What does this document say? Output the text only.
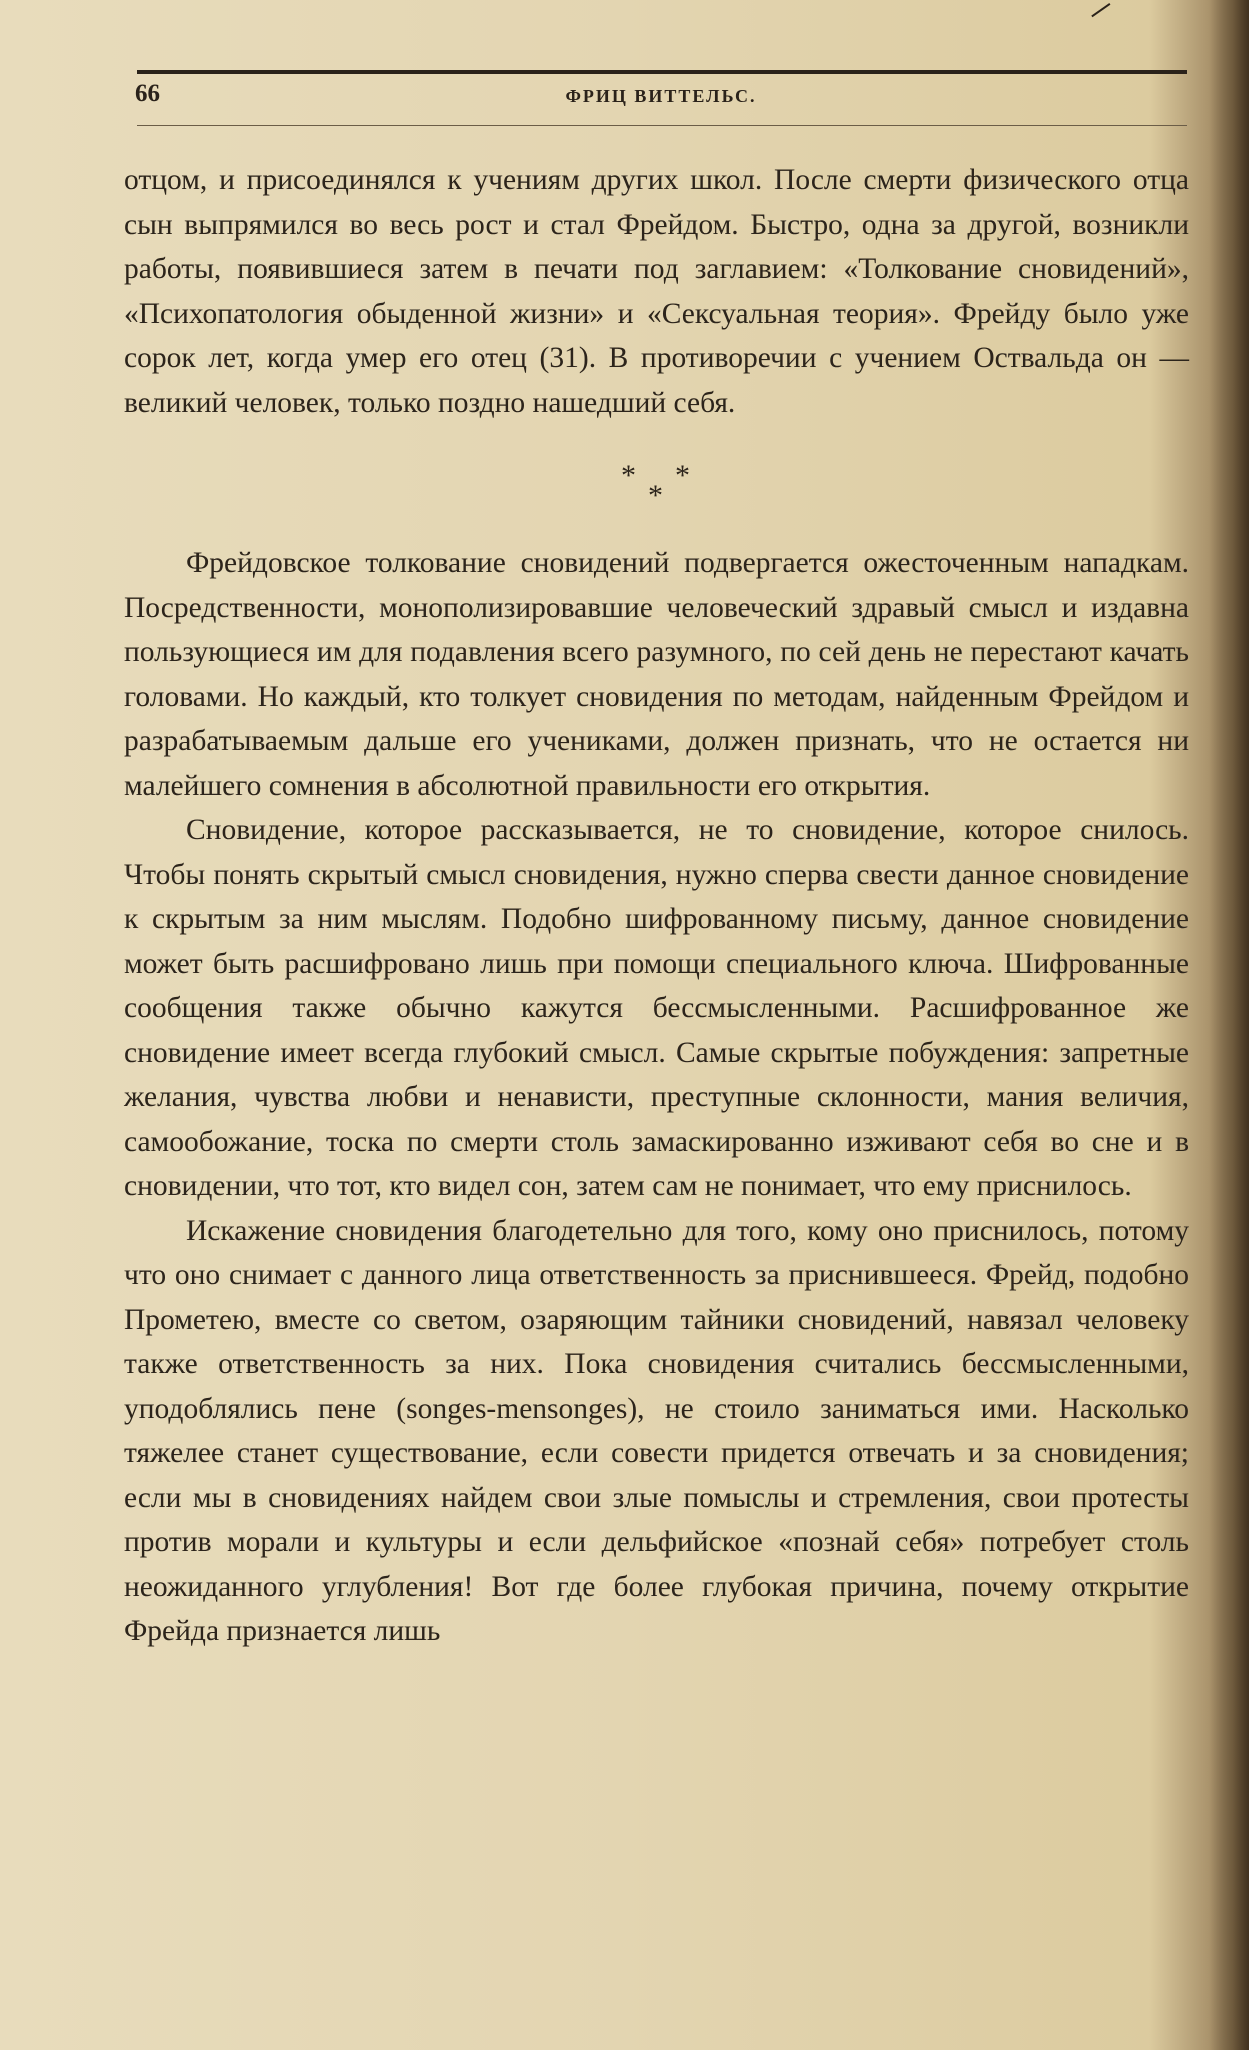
66	ФРИЦ ВИТТЕЛЬС.

отцом, и присоединялся к учениям других школ. После смерти физического отца сын выпрямился во весь рост и стал Фрейдом. Быстро, одна за другой, возникли работы, появившиеся затем в печати под заглавием: «Толкование сновидений», «Психопатология обыденной жизни» и «Сексуальная теория». Фрейду было уже сорок лет, когда умер его отец (31). В противоречии с учением Оствальда он — великий человек, только поздно нашедший себя.

* *
*

Фрейдовское толкование сновидений подвергается ожесточенным нападкам. Посредственности, монополизировавшие человеческий здравый смысл и издавна пользующиеся им для подавления всего разумного, по сей день не перестают качать головами. Но каждый, кто толкует сновидения по методам, найденным Фрейдом и разрабатываемым дальше его учениками, должен признать, что не остается ни малейшего сомнения в абсолютной правильности его открытия.

Сновидение, которое рассказывается, не то сновидение, которое снилось. Чтобы понять скрытый смысл сновидения, нужно сперва свести данное сновидение к скрытым за ним мыслям. Подобно шифрованному письму, данное сновидение может быть расшифровано лишь при помощи специального ключа. Шифрованные сообщения также обычно кажутся бессмысленными. Расшифрованное же сновидение имеет всегда глубокий смысл. Самые скрытые побуждения: запретные желания, чувства любви и ненависти, преступные склонности, мания величия, самообожание, тоска по смерти столь замаскированно изживают себя во сне и в сновидении, что тот, кто видел сон, затем сам не понимает, что ему приснилось.

Искажение сновидения благодетельно для того, кому оно приснилось, потому что оно снимает с данного лица ответственность за приснившееся. Фрейд, подобно Прометею, вместе со светом, озаряющим тайники сновидений, навязал человеку также ответственность за них. Пока сновидения считались бессмысленными, уподоблялись пене (songes-mensonges), не стоило заниматься ими. Насколько тяжелее станет существование, если совести придется отвечать и за сновидения; если мы в сновидениях найдем свои злые помыслы и стремления, свои протесты против морали и культуры и если дельфийское «познай себя» потребует столь неожиданного углубления! Вот где более глубокая причина, почему открытие Фрейда признается лишь
